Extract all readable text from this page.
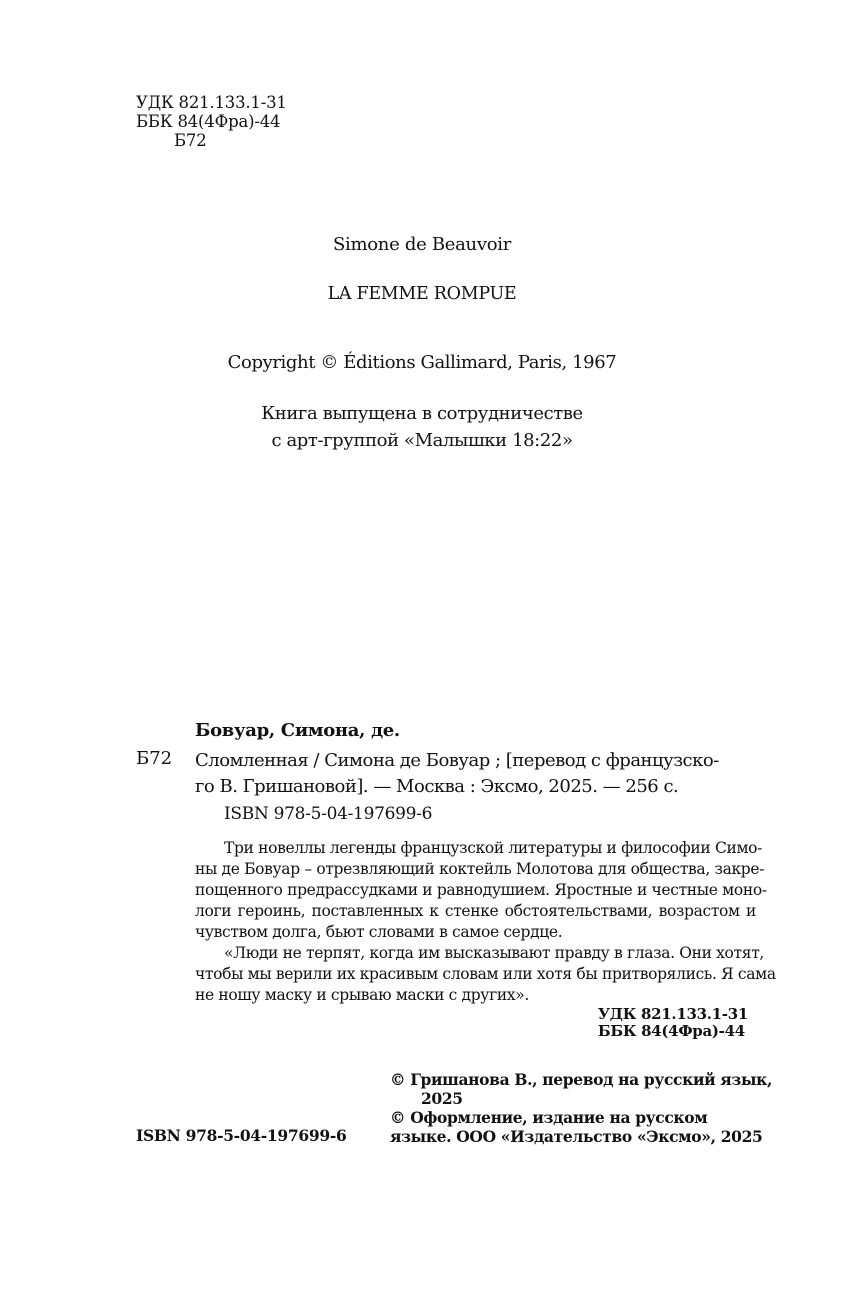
УДК 821.133.1-31
ББК 84(4Фра)-44
Б72
Simone de Beauvoir
LA FEMME ROMPUE
Copyright © Éditions Gallimard, Paris, 1967
Книга выпущена в сотрудничестве
с арт-группой «Малышки 18:22»
Бовуар, Симона, де.
Б72 Сломленная / Симона де Бовуар ; [перевод с французско-
го В. Гришановой]. — Москва : Эксмо, 2025. — 256 с.
ISBN 978-5-04-197699-6
Три новеллы легенды французской литературы и философии Симо-
ны де Бовуар – отрезвляющий коктейль Молотова для общества, закре-
пощенного предрассудками и равнодушием. Яростные и честные моно-
логи героинь, поставленных к стенке обстоятельствами, возрастом и
чувством долга, бьют словами в самое сердце.
«Люди не терпят, когда им высказывают правду в глаза. Они хотят,
чтобы мы верили их красивым словам или хотя бы притворялись. Я сама
не ношу маску и срываю маски с других».
УДК 821.133.1-31
ББК 84(4Фра)-44
ISBN 978-5-04-197699-6
© Гришанова В., перевод на русский язык,
2025
© Оформление, издание на русском
языке. ООО «Издательство «Эксмо», 2025
